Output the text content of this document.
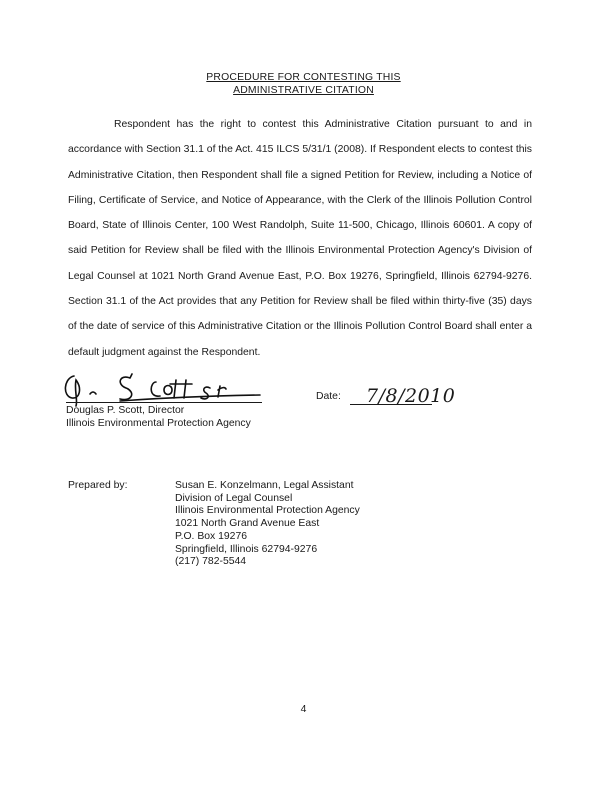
PROCEDURE FOR CONTESTING THIS
ADMINISTRATIVE CITATION

Respondent has the right to contest this Administrative Citation pursuant to and in accordance with Section 31.1 of the Act. 415 ILCS 5/31/1 (2008). If Respondent elects to contest this Administrative Citation, then Respondent shall file a signed Petition for Review, including a Notice of Filing, Certificate of Service, and Notice of Appearance, with the Clerk of the Illinois Pollution Control Board, State of Illinois Center, 100 West Randolph, Suite 11-500, Chicago, Illinois 60601. A copy of said Petition for Review shall be filed with the Illinois Environmental Protection Agency's Division of Legal Counsel at 1021 North Grand Avenue East, P.O. Box 19276, Springfield, Illinois 62794-9276. Section 31.1 of the Act provides that any Petition for Review shall be filed within thirty-five (35) days of the date of service of this Administrative Citation or the Illinois Pollution Control Board shall enter a default judgment against the Respondent.

Date: 7/8/2010
Douglas P. Scott, Director
Illinois Environmental Protection Agency
Prepared by:	Susan E. Konzelmann, Legal Assistant
Division of Legal Counsel
Illinois Environmental Protection Agency
1021 North Grand Avenue East
P.O. Box 19276
Springfield, Illinois 62794-9276
(217) 782-5544
4
